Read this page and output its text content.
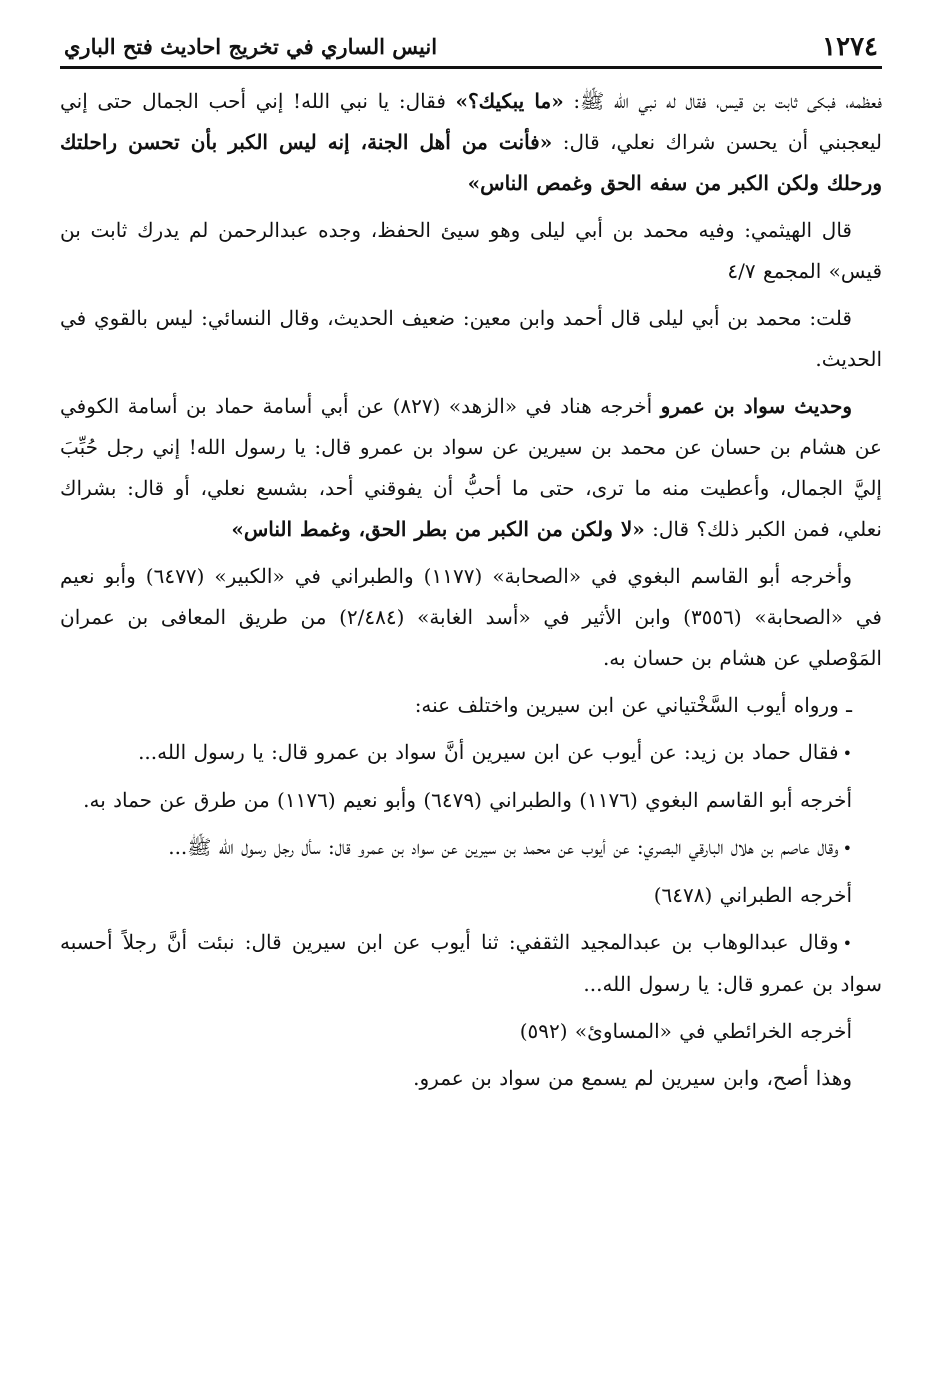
١٢٧٤
انيس الساري في تخريج احاديث فتح الباري

فعظمه، فبكى ثابت بن قيس، فقال له نبي الله ﷺ: «ما يبكيك؟» فقال: يا نبي الله! إني أحب الجمال حتى إني ليعجبني أن يحسن شراك نعلي، قال: «فأنت من أهل الجنة، إنه ليس الكبر بأن تحسن راحلتك ورحلك ولكن الكبر من سفه الحق وغمص الناس»

قال الهيثمي: وفيه محمد بن أبي ليلى وهو سيئ الحفظ، وجده عبدالرحمن لم يدرك ثابت بن قيس» المجمع ٤/٧

قلت: محمد بن أبي ليلى قال أحمد وابن معين: ضعيف الحديث، وقال النسائي: ليس بالقوي في الحديث.

وحديث سواد بن عمرو أخرجه هناد في «الزهد» (٨٢٧) عن أبي أسامة حماد بن أسامة الكوفي عن هشام بن حسان عن محمد بن سيرين عن سواد بن عمرو قال: يا رسول الله! إني رجل حُبِّبَ إليَّ الجمال، وأعطيت منه ما ترى، حتى ما أحبُّ أن يفوقني أحد، بشسع نعلي، أو قال: بشراك نعلي، فمن الكبر ذلك؟ قال: «لا ولكن من الكبر من بطر الحق، وغمط الناس»

وأخرجه أبو القاسم البغوي في «الصحابة» (١١٧٧) والطبراني في «الكبير» (٦٤٧٧) وأبو نعيم في «الصحابة» (٣٥٥٦) وابن الأثير في «أسد الغابة» (٢/٤٨٤) من طريق المعافى بن عمران المَوْصلي عن هشام بن حسان به.

ـ ورواه أيوب السَّخْتياني عن ابن سيرين واختلف عنه:

•فقال حماد بن زيد: عن أيوب عن ابن سيرين أنَّ سواد بن عمرو قال: يا رسول الله...

أخرجه أبو القاسم البغوي (١١٧٦) والطبراني (٦٤٧٩) وأبو نعيم (١١٧٦) من طرق عن حماد به.

•وقال عاصم بن هلال البارقي البصري: عن أيوب عن محمد بن سيرين عن سواد بن عمرو قال: سأل رجل رسول الله ﷺ...

أخرجه الطبراني (٦٤٧٨)

•وقال عبدالوهاب بن عبدالمجيد الثقفي: ثنا أيوب عن ابن سيرين قال: نبئت أنَّ رجلاً أحسبه سواد بن عمرو قال: يا رسول الله...

أخرجه الخرائطي في «المساوئ» (٥٩٢)

وهذا أصح، وابن سيرين لم يسمع من سواد بن عمرو.
